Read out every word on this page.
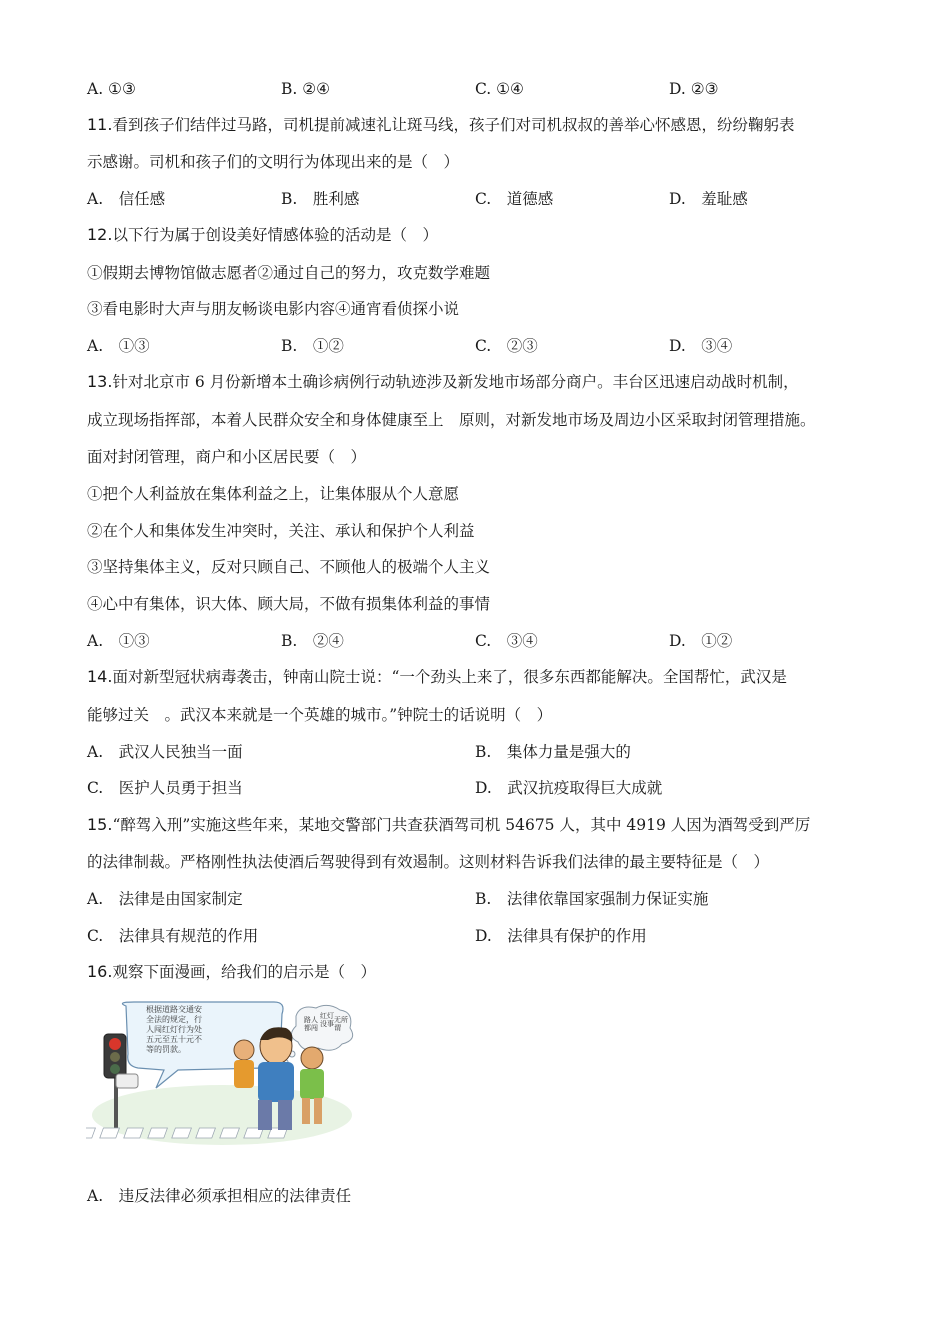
A. ①③	B. ②④	C. ①④	D. ②③
11.看到孩子们结伴过马路，司机提前减速礼让斑马线，孩子们对司机叔叔的善举心怀感恩，纷纷鞠躬表
示感谢。司机和孩子们的文明行为体现出来的是（　）
A.　信任感	B.　胜利感	C.　道德感	D.　羞耻感
12.以下行为属于创设美好情感体验的活动是（　）
①假期去博物馆做志愿者②通过自己的努力，攻克数学难题
③看电影时大声与朋友畅谈电影内容④通宵看侦探小说
A.　①③	B.　①②	C.　②③	D.　③④
13.针对北京市 6 月份新增本土确诊病例行动轨迹涉及新发地市场部分商户。丰台区迅速启动战时机制，
成立现场指挥部，本着人民群众安全和身体健康至上　原则，对新发地市场及周边小区采取封闭管理措施。
面对封闭管理，商户和小区居民要（　）
①把个人利益放在集体利益之上，让集体服从个人意愿
②在个人和集体发生冲突时，关注、承认和保护个人利益
③坚持集体主义，反对只顾自己、不顾他人的极端个人主义
④心中有集体，识大体、顾大局，不做有损集体利益的事情
A.　①③	B.　②④	C.　③④	D.　①②
14.面对新型冠状病毒袭击，钟南山院士说：“一个劲头上来了，很多东西都能解决。全国帮忙，武汉是
能够过关　。武汉本来就是一个英雄的城市。”钟院士的话说明（　）
A.　武汉人民独当一面	B.　集体力量是强大的
C.　医护人员勇于担当	D.　武汉抗疫取得巨大成就
15.“醉驾入刑”实施这些年来，某地交警部门共查获酒驾司机 54675 人，其中 4919 人因为酒驾受到严厉
的法律制裁。严格刚性执法使酒后驾驶得到有效遏制。这则材料告诉我们法律的最主要特征是（　）
A.　法律是由国家制定	B.　法律依靠国家强制力保证实施
C.　法律具有规范的作用	D.　法律具有保护的作用
16.观察下面漫画，给我们的启示是（　）
根据道路交通安 全法的规定，行 人闯红灯行为处 五元至五十元不 等的罚款。
路人都闯 红灯没事 无所谓
A.　违反法律必须承担相应的法律责任
